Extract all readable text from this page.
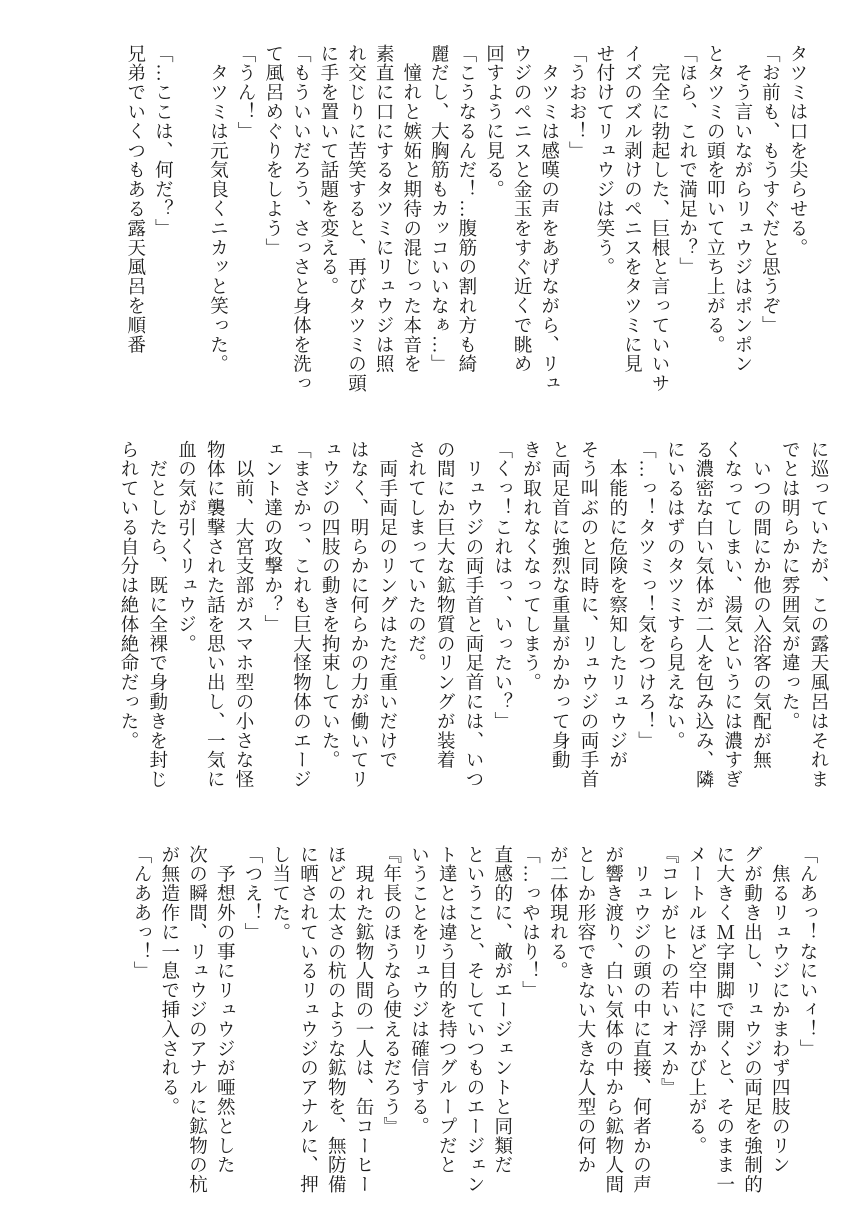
タツミは口を尖らせる。
「お前も、もうすぐだと思うぞ」
　そう言いながらリュウジはポンポン
とタツミの頭を叩いて立ち上がる。
「ほら、これで満足か？」
　完全に勃起した、巨根と言っていいサ
イズのズル剥けのペニスをタツミに見
せ付けてリュウジは笑う。
「うおお！」
　タツミは感嘆の声をあげながら、リュ
ウジのペニスと金玉をすぐ近くで眺め
回すように見る。
「こうなるんだ！…腹筋の割れ方も綺
麗だし、大胸筋もカッコいいなぁ…」
　憧れと嫉妬と期待の混じった本音を
素直に口にするタツミにリュウジは照
れ交じりに苦笑すると、再びタツミの頭
に手を置いて話題を変える。
「もういいだろう、さっさと身体を洗っ
て風呂めぐりをしよう」
「うん！」
　タツミは元気良くニカッと笑った。
「…ここは、何だ？」
兄弟でいくつもある露天風呂を順番
に巡っていたが、この露天風呂はそれま
でとは明らかに雰囲気が違った。
　いつの間にか他の入浴客の気配が無
くなってしまい、湯気というには濃すぎ
る濃密な白い気体が二人を包み込み、隣
にいるはずのタツミすら見えない。
「…っ！タツミっ！気をつけろ！」
　本能的に危険を察知したリュウジが
そう叫ぶのと同時に、リュウジの両手首
と両足首に強烈な重量がかかって身動
きが取れなくなってしまう。
「くっ！これはっ、いったい？」
　リュウジの両手首と両足首には、いつ
の間にか巨大な鉱物質のリングが装着
されてしまっていたのだ。
　両手両足のリングはただ重いだけで
はなく、明らかに何らかの力が働いてリ
ュウジの四肢の動きを拘束していた。
「まさかっ、これも巨大怪物体のエージ
ェント達の攻撃か？」
　以前、大宮支部がスマホ型の小さな怪
物体に襲撃された話を思い出し、一気に
血の気が引くリュウジ。
　だとしたら、既に全裸で身動きを封じ
られている自分は絶体絶命だった。
「んあっ！なにいィ！」
　焦るリュウジにかまわず四肢のリン
グが動き出し、リュウジの両足を強制的
に大きくＭ字開脚で開くと、そのまま一
メートルほど空中に浮かび上がる。
『コレがヒトの若いオスか』
　リュウジの頭の中に直接、何者かの声
が響き渡り、白い気体の中から鉱物人間
としか形容できない大きな人型の何か
が二体現れる。
「…っやはり！」
直感的に、敵がエージェントと同類だ
ということ、そしていつものエージェン
ト達とは違う目的を持つグループだと
いうことをリュウジは確信する。
『年長のほうなら使えるだろう』
　現れた鉱物人間の一人は、缶コーヒー
ほどの太さの杭のような鉱物を、無防備
に晒されているリュウジのアナルに、押
し当てた。
「つえ！」
　予想外の事にリュウジが唖然とした
次の瞬間、リュウジのアナルに鉱物の杭
が無造作に一息で挿入される。
「んああっ！」
